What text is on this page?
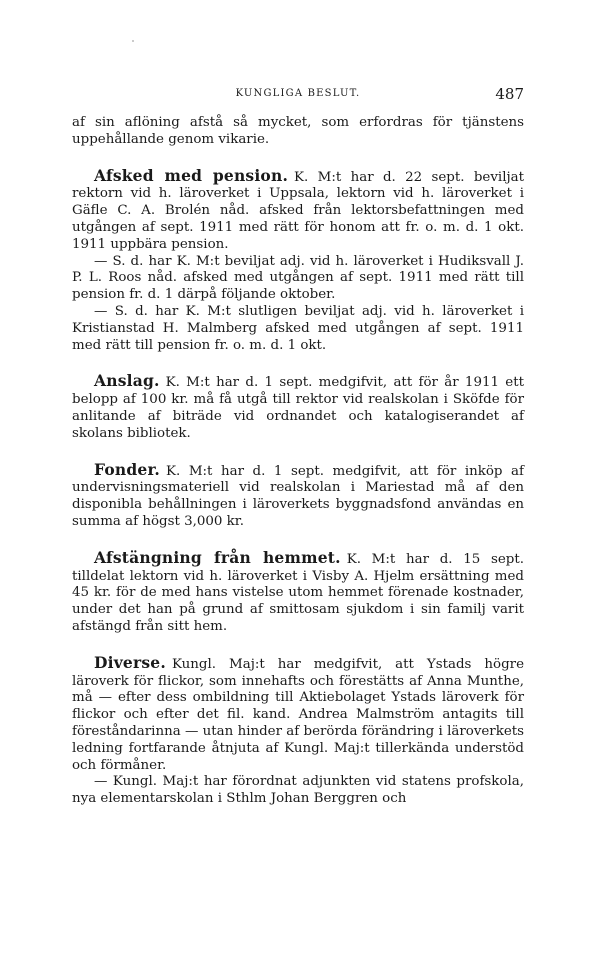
KUNGLIGA BESLUT.	487

af sin aflöning afstå så mycket, som erfordras för tjänstens uppehållande genom vikarie.

Afsked med pension. K. M:t har d. 22 sept. beviljat rektorn vid h. läroverket i Uppsala, lektorn vid h. läroverket i Gäfle C. A. Brolén nåd. afsked från lektorsbefattningen med utgången af sept. 1911 med rätt för honom att fr. o. m. d. 1 okt. 1911 uppbära pension.

— S. d. har K. M:t beviljat adj. vid h. läroverket i Hudiksvall J. P. L. Roos nåd. afsked med utgången af sept. 1911 med rätt till pension fr. d. 1 därpå följande oktober.

— S. d. har K. M:t slutligen beviljat adj. vid h. läroverket i Kristianstad H. Malmberg afsked med utgången af sept. 1911 med rätt till pension fr. o. m. d. 1 okt.

Anslag. K. M:t har d. 1 sept. medgifvit, att för år 1911 ett belopp af 100 kr. må få utgå till rektor vid realskolan i Sköfde för anlitande af biträde vid ordnandet och katalogiserandet af skolans bibliotek.

Fonder. K. M:t har d. 1 sept. medgifvit, att för inköp af undervisningsmateriell vid realskolan i Mariestad må af den disponibla behållningen i läroverkets byggnadsfond användas en summa af högst 3,000 kr.

Afstängning från hemmet. K. M:t har d. 15 sept. tilldelat lektorn vid h. läroverket i Visby A. Hjelm ersättning med 45 kr. för de med hans vistelse utom hemmet förenade kostnader, under det han på grund af smittosam sjukdom i sin familj varit afstängd från sitt hem.

Diverse. Kungl. Maj:t har medgifvit, att Ystads högre läroverk för flickor, som innehafts och förestätts af Anna Munthe, må — efter dess ombildning till Aktiebolaget Ystads läroverk för flickor och efter det fil. kand. Andrea Malmström antagits till föreståndarinna — utan hinder af berörda förändring i läroverkets ledning fortfarande åtnjuta af Kungl. Maj:t tillerkända understöd och förmåner.

— Kungl. Maj:t har förordnat adjunkten vid statens profskola, nya elementarskolan i Sthlm Johan Berggren och
